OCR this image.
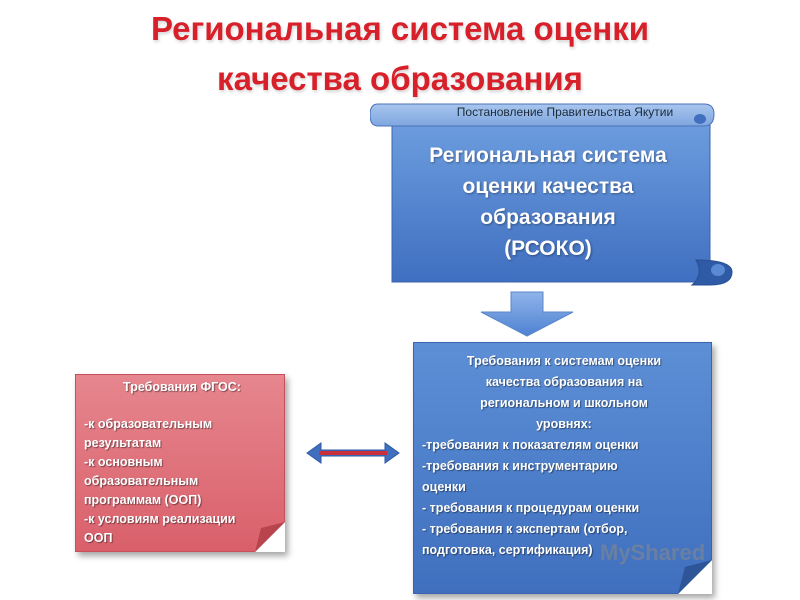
Региональная система оценки
качества образования
Постановление Правительства Якутии
Региональная система
оценки качества
образования
(РСОКО)
Требования ФГОС:
-к образовательным
результатам
-к основным
образовательным
программам (ООП)
-к условиям реализации
ООП
Требования к системам оценки
качества образования на
региональном и школьном
уровнях:
-требования к показателям оценки
-требования к инструментарию
оценки
- требования к процедурам оценки
- требования к экспертам (отбор,
подготовка, сертификация) MyShared
